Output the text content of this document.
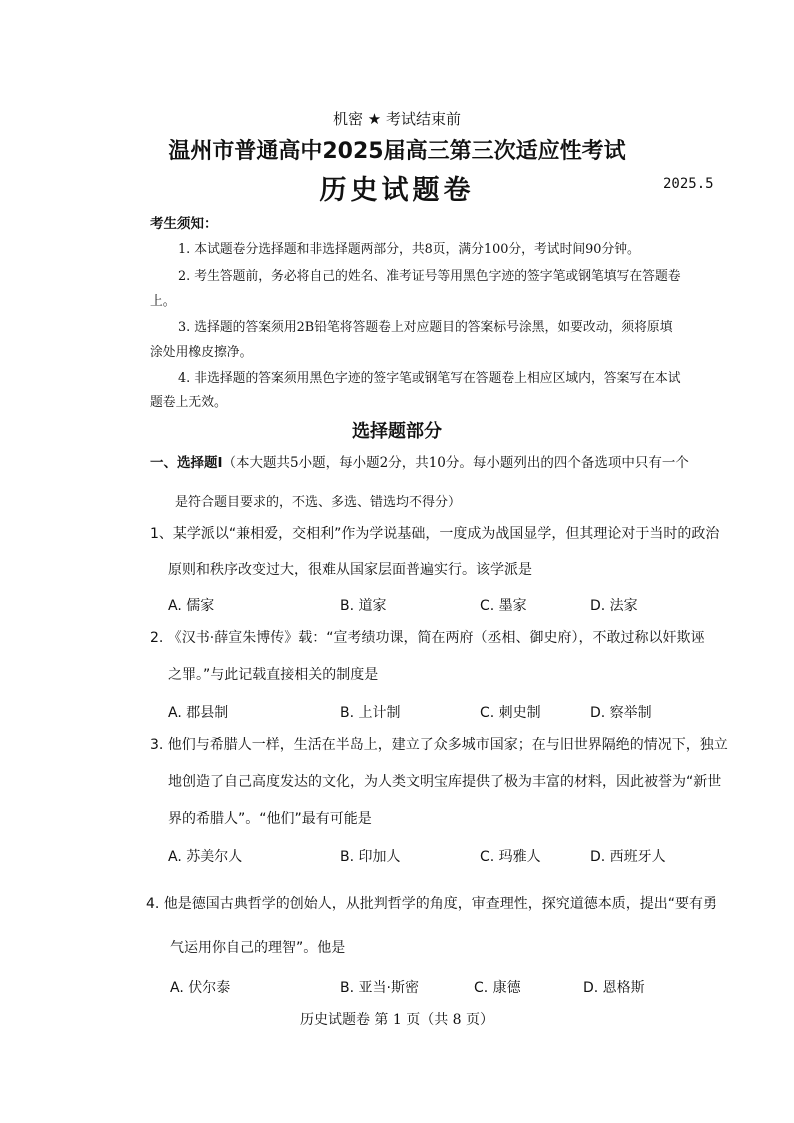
机密 ★ 考试结束前
温州市普通高中2025届高三第三次适应性考试
历史试题卷	2025.5
考生须知：
1. 本试题卷分选择题和非选择题两部分，共8页，满分100分，考试时间90分钟。
2. 考生答题前，务必将自己的姓名、准考证号等用黑色字迹的签字笔或钢笔填写在答题卷
上。
3. 选择题的答案须用2B铅笔将答题卷上对应题目的答案标号涂黑，如要改动，须将原填
涂处用橡皮擦净。
4. 非选择题的答案须用黑色字迹的签字笔或钢笔写在答题卷上相应区域内，答案写在本试
题卷上无效。
选择题部分
一、选择题Ⅰ（本大题共5小题，每小题2分，共10分。每小题列出的四个备选项中只有一个
是符合题目要求的，不选、多选、错选均不得分）
1、某学派以“兼相爱，交相利”作为学说基础，一度成为战国显学，但其理论对于当时的政治
原则和秩序改变过大，很难从国家层面普遍实行。该学派是
A. 儒家	B. 道家	C. 墨家	D. 法家
2. 《汉书·薛宣朱博传》载：“宣考绩功课，简在两府（丞相、御史府），不敢过称以奸欺诬
之罪。”与此记载直接相关的制度是
A. 郡县制	B. 上计制	C. 刺史制	D. 察举制
3. 他们与希腊人一样，生活在半岛上，建立了众多城市国家；在与旧世界隔绝的情况下，独立
地创造了自己高度发达的文化，为人类文明宝库提供了极为丰富的材料，因此被誉为“新世
界的希腊人”。“他们”最有可能是
A. 苏美尔人	B. 印加人	C. 玛雅人	D. 西班牙人
4. 他是德国古典哲学的创始人，从批判哲学的角度，审查理性，探究道德本质，提出“要有勇
气运用你自己的理智”。他是
A. 伏尔泰	B. 亚当·斯密	C. 康德	D. 恩格斯
历史试题卷 第 1 页（共 8 页）
